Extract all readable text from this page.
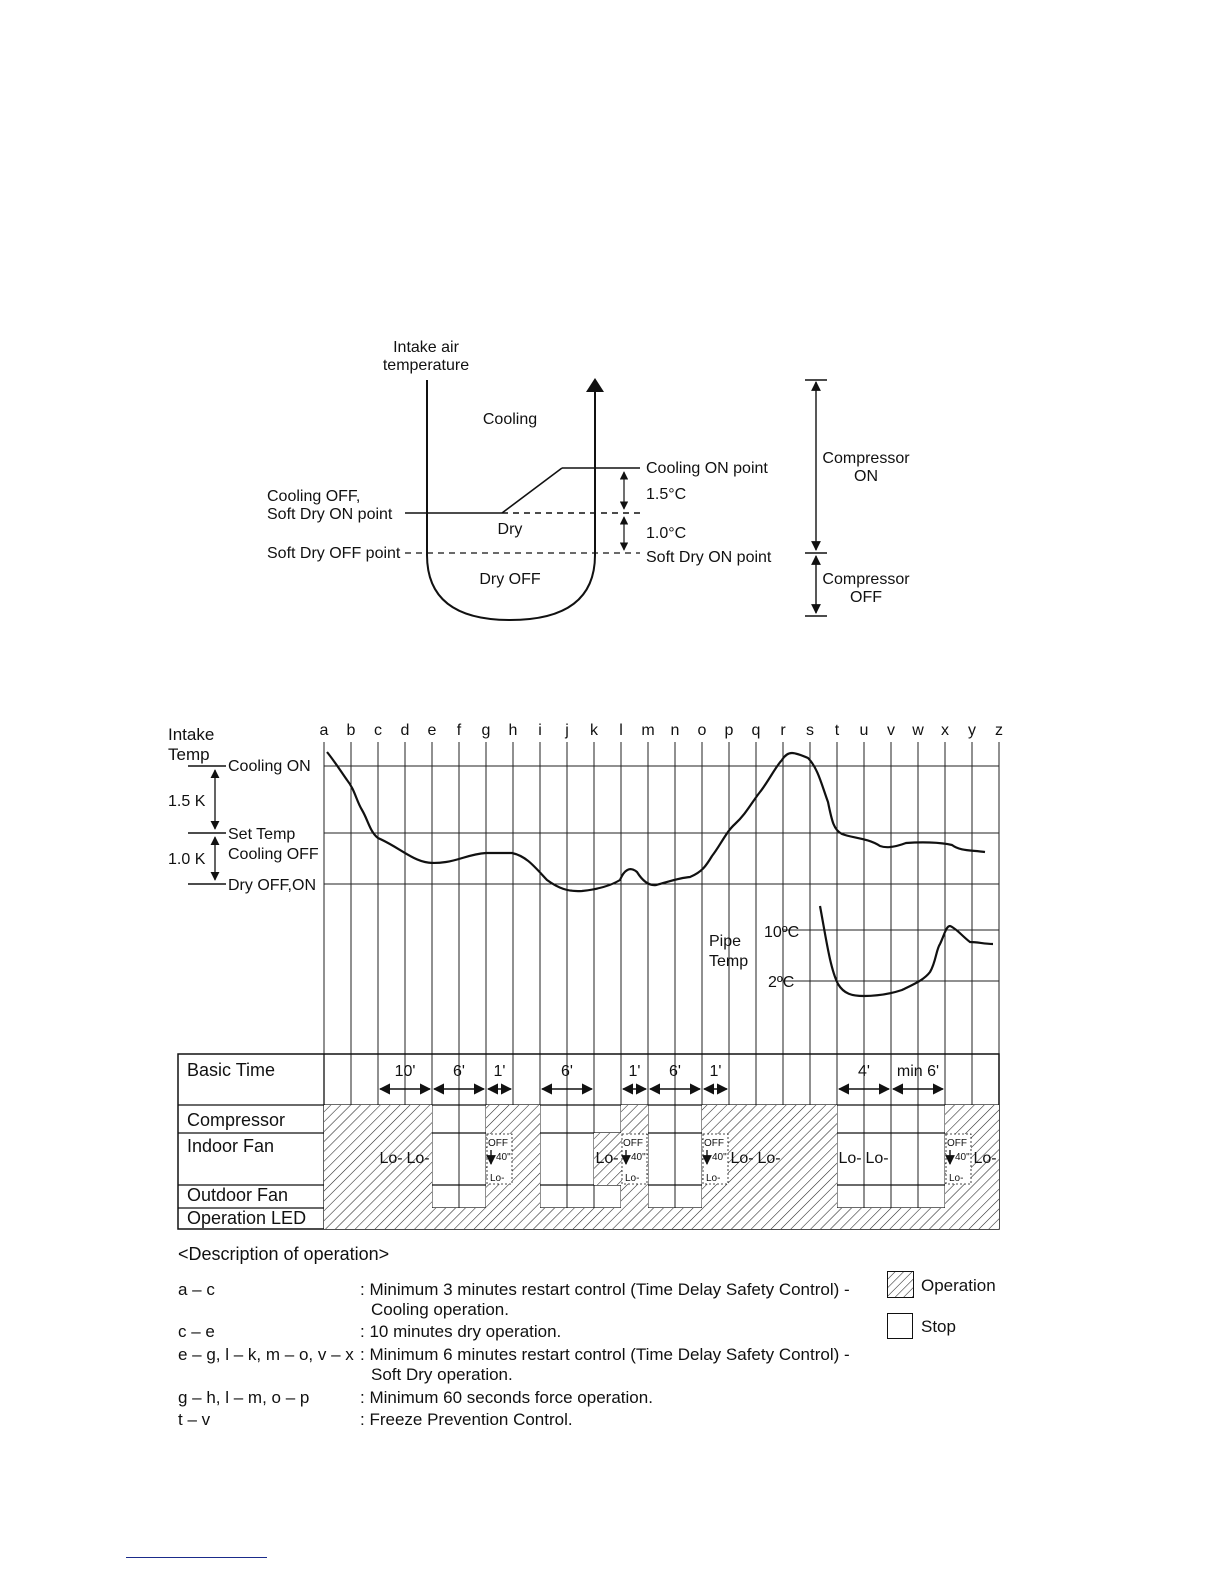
Intake air
temperature
Cooling
Dry
Dry OFF
Cooling OFF,
Soft Dry ON point
Soft Dry OFF point
Cooling ON point
1.5°C
1.0°C
Soft Dry ON point
Compressor
ON
Compressor
OFF
Intake
Temp
1.5 K
1.0 K
Cooling ON
Set Temp
Cooling OFF
Dry OFF,ON
a b c d e f g h i j k l m n o p q r s t u v w x y z
Pipe
Temp
10ºC
2ºC
Basic Time
Compressor
Indoor Fan
Outdoor Fan
Operation LED
10' 6' 1'	6'	1' 6' 1'	4' min 6'
Lo- Lo-	Lo-	Lo- Lo-	Lo- Lo-	Lo-
OFF
40"
Lo-
OFF
40"
Lo-
OFF
40"
Lo-
OFF
40"
Lo-
<Description of operation>
a – c	: Minimum 3 minutes restart control (Time Delay Safety Control) -
Cooling operation.
c – e	: 10 minutes dry operation.
e – g, l – k, m – o, v – x : Minimum 6 minutes restart control (Time Delay Safety Control) -
Soft Dry operation.
g – h, l – m, o – p	: Minimum 60 seconds force operation.
t – v	: Freeze Prevention Control.
Operation
Stop
